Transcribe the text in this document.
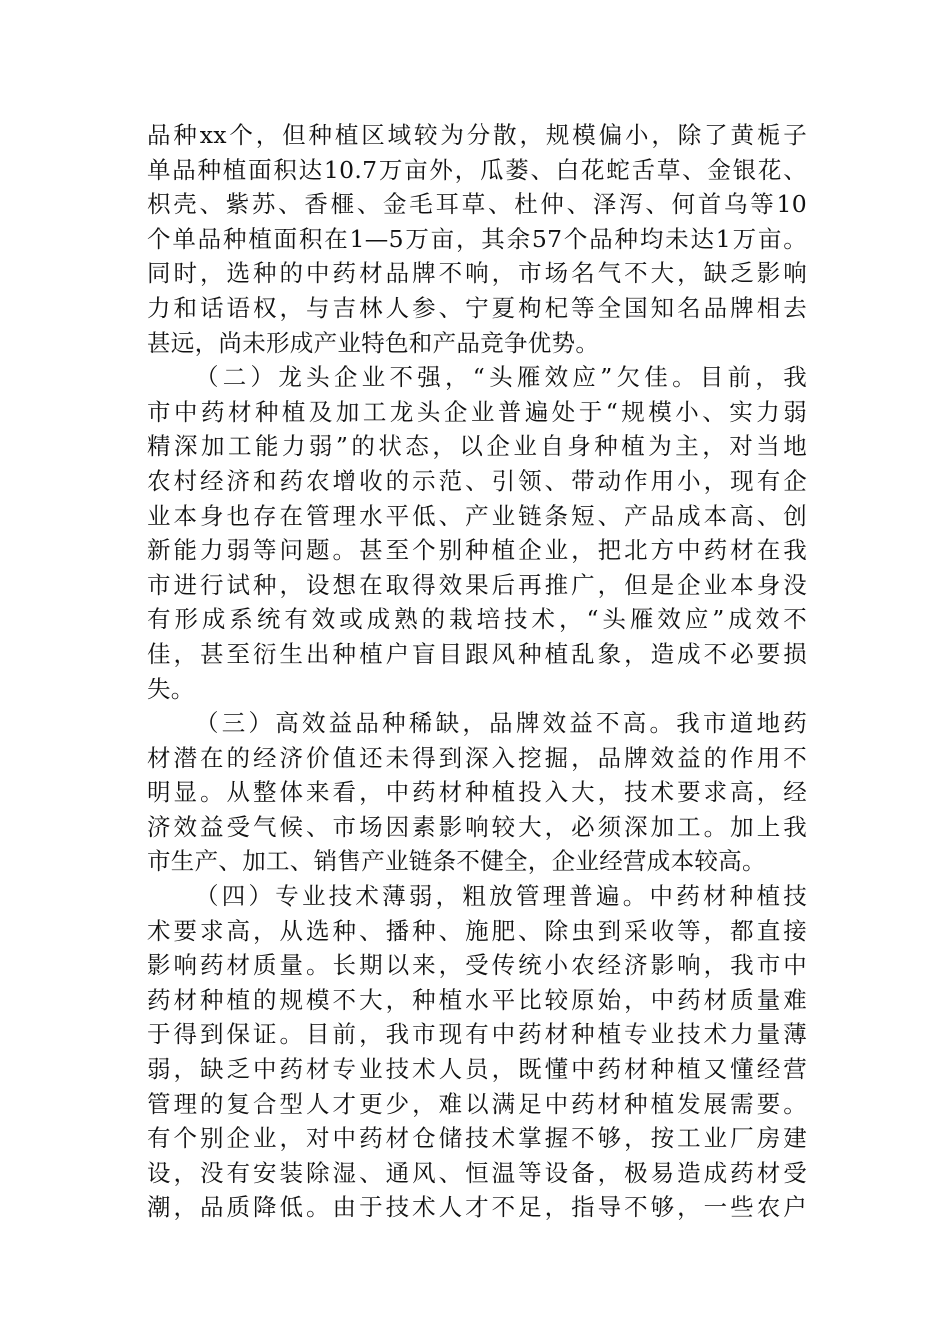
品种xx个，但种植区域较为分散，规模偏小，除了黄栀子
单品种植面积达10.7万亩外，瓜蒌、白花蛇舌草、金银花、
枳壳、紫苏、香榧、金毛耳草、杜仲、泽泻、何首乌等10
个单品种植面积在1—5万亩，其余57个品种均未达1万亩。
同时，选种的中药材品牌不响，市场名气不大，缺乏影响
力和话语权，与吉林人参、宁夏枸杞等全国知名品牌相去
甚远，尚未形成产业特色和产品竞争优势。
（二）龙头企业不强，“头雁效应”欠佳。目前，我
市中药材种植及加工龙头企业普遍处于“规模小、实力弱
精深加工能力弱”的状态，以企业自身种植为主，对当地
农村经济和药农增收的示范、引领、带动作用小，现有企
业本身也存在管理水平低、产业链条短、产品成本高、创
新能力弱等问题。甚至个别种植企业，把北方中药材在我
市进行试种，设想在取得效果后再推广，但是企业本身没
有形成系统有效或成熟的栽培技术，“头雁效应”成效不
佳，甚至衍生出种植户盲目跟风种植乱象，造成不必要损
失。
（三）高效益品种稀缺，品牌效益不高。我市道地药
材潜在的经济价值还未得到深入挖掘，品牌效益的作用不
明显。从整体来看，中药材种植投入大，技术要求高，经
济效益受气候、市场因素影响较大，必须深加工。加上我
市生产、加工、销售产业链条不健全，企业经营成本较高。
（四）专业技术薄弱，粗放管理普遍。中药材种植技
术要求高，从选种、播种、施肥、除虫到采收等，都直接
影响药材质量。长期以来，受传统小农经济影响，我市中
药材种植的规模不大，种植水平比较原始，中药材质量难
于得到保证。目前，我市现有中药材种植专业技术力量薄
弱，缺乏中药材专业技术人员，既懂中药材种植又懂经营
管理的复合型人才更少，难以满足中药材种植发展需要。
有个别企业，对中药材仓储技术掌握不够，按工业厂房建
设，没有安装除湿、通风、恒温等设备，极易造成药材受
潮，品质降低。由于技术人才不足，指导不够，一些农户
